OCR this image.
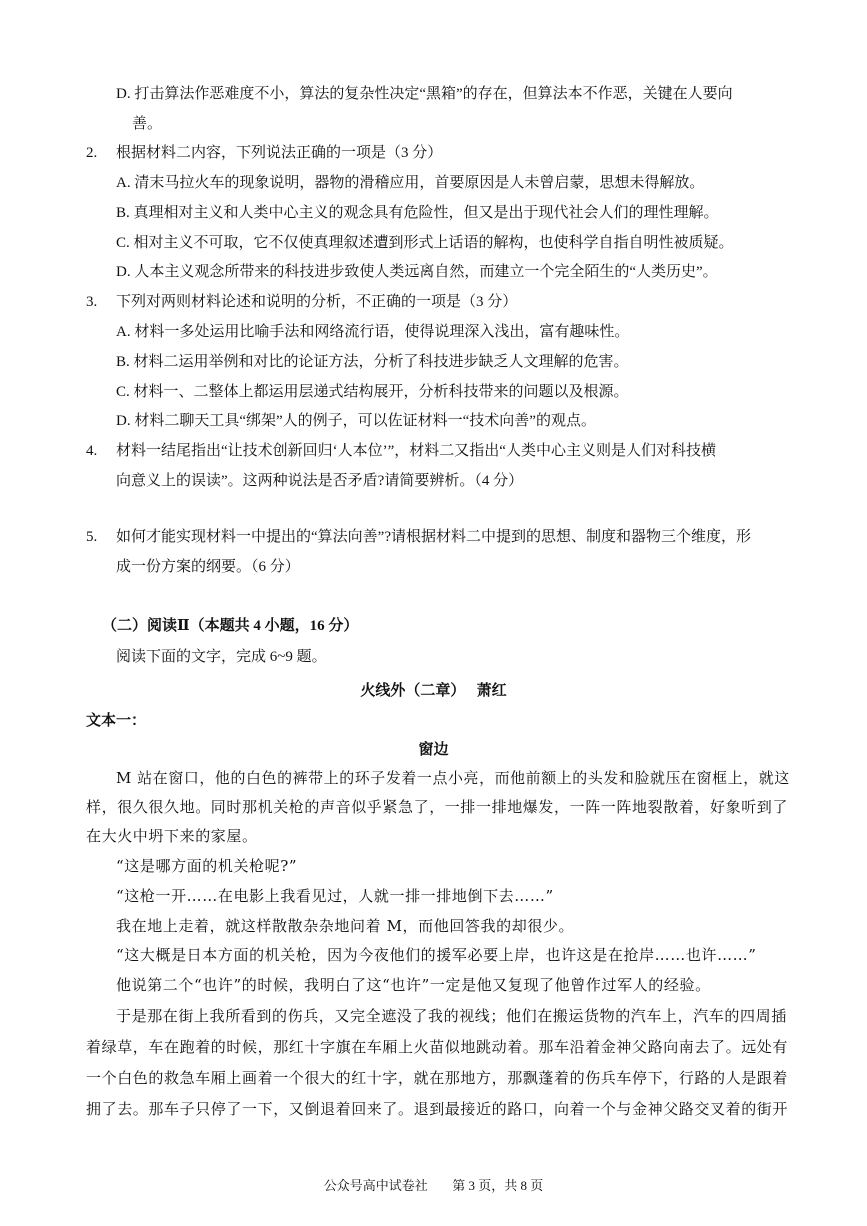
D. 打击算法作恶难度不小，算法的复杂性决定“黑箱”的存在，但算法本不作恶，关键在人要向
善。
2. 根据材料二内容，下列说法正确的一项是（3 分）
A. 清末马拉火车的现象说明，器物的滑稽应用，首要原因是人未曾启蒙，思想未得解放。
B. 真理相对主义和人类中心主义的观念具有危险性，但又是出于现代社会人们的理性理解。
C. 相对主义不可取，它不仅使真理叙述遭到形式上话语的解构，也使科学自指自明性被质疑。
D. 人本主义观念所带来的科技进步致使人类远离自然，而建立一个完全陌生的“人类历史”。
3. 下列对两则材料论述和说明的分析，不正确的一项是（3 分）
A. 材料一多处运用比喻手法和网络流行语，使得说理深入浅出，富有趣味性。
B. 材料二运用举例和对比的论证方法，分析了科技进步缺乏人文理解的危害。
C. 材料一、二整体上都运用层递式结构展开，分析科技带来的问题以及根源。
D. 材料二聊天工具“绑架”人的例子，可以佐证材料一“技术向善”的观点。
4. 材料一结尾指出“让技术创新回归‘人本位’”，材料二又指出“人类中心主义则是人们对科技横
向意义上的误读”。这两种说法是否矛盾?请简要辨析。（4 分）
5. 如何才能实现材料一中提出的“算法向善”?请根据材料二中提到的思想、制度和器物三个维度，形
成一份方案的纲要。（6 分）
（二）阅读Ⅱ（本题共 4 小题，16 分）
阅读下面的文字，完成 6~9 题。
火线外（二章）　 萧红
文本一：
窗边
M 站在窗口，他的白色的裤带上的环子发着一点小亮，而他前额上的头发和脸就压在窗框上，就这
样，很久很久地。同时那机关枪的声音似乎紧急了，一排一排地爆发，一阵一阵地裂散着，好象听到了
在大火中坍下来的家屋。
“这是哪方面的机关枪呢?”
“这枪一开……在电影上我看见过，人就一排一排地倒下去……”
我在地上走着，就这样散散杂杂地问着 M，而他回答我的却很少。
“这大概是日本方面的机关枪，因为今夜他们的援军必要上岸，也许这是在抢岸……也许……”
他说第二个“也许”的时候，我明白了这“也许”一定是他又复现了他曾作过军人的经验。
于是那在街上我所看到的伤兵，又完全遮没了我的视线；他们在搬运货物的汽车上，汽车的四周插
着绿草，车在跑着的时候，那红十字旗在车厢上火苗似地跳动着。那车沿着金神父路向南去了。远处有
一个白色的救急车厢上画着一个很大的红十字，就在那地方，那飘蓬着的伤兵车停下，行路的人是跟着
拥了去。那车子只停了一下，又倒退着回来了。退到最接近的路口，向着一个与金神父路交叉着的街开
公众号高中试卷社 第 3 页，共 8 页
